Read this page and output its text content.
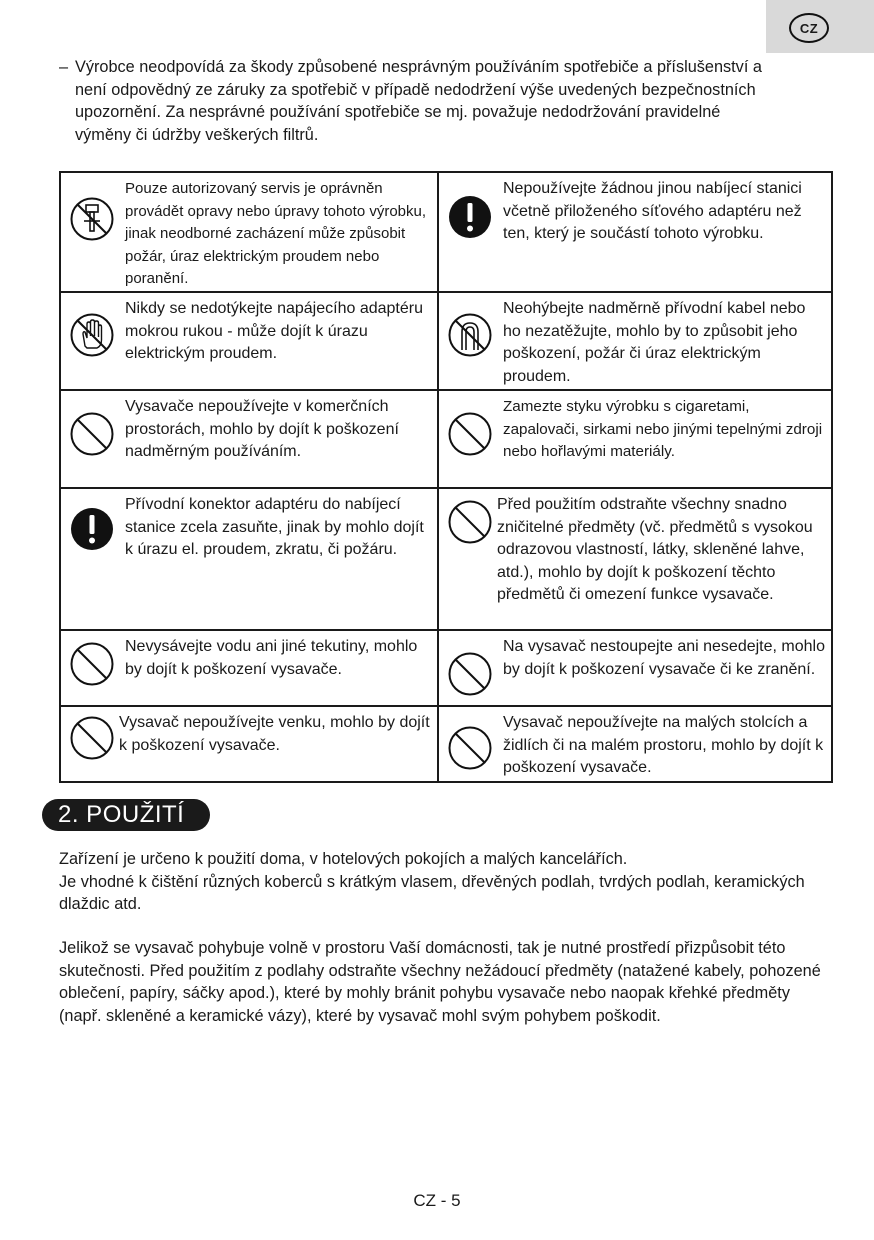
CZ
– Výrobce neodpovídá za škody způsobené nesprávným používáním spotřebiče a příslušenství a není odpovědný ze záruky za spotřebič v případě nedodržení výše uvedených bezpečnostních upozornění. Za nesprávné používání spotřebiče se mj. považuje nedodržování pravidelné výměny či údržby veškerých filtrů.
Pouze autorizovaný servis je oprávněn provádět opravy nebo úpravy tohoto výrobku, jinak neodborné zacházení může způsobit požár, úraz elektrickým proudem nebo poranění.	Nepoužívejte žádnou jinou nabíjecí stanici včetně přiloženého síťového adaptéru než ten, který je součástí tohoto výrobku.

Nikdy se nedotýkejte napájecího adaptéru mokrou rukou - může dojít k úrazu elektrickým proudem.	Neohýbejte nadměrně přívodní kabel nebo ho nezatěžujte, mohlo by to způsobit jeho poškození, požár či úraz elektrickým proudem.

Vysavače nepoužívejte v komerčních prostorách, mohlo by dojít k poškození nadměrným používáním.	Zamezte styku výrobku s cigaretami, zapalovači, sirkami nebo jinými tepelnými zdroji nebo hořlavými materiály.

Přívodní konektor adaptéru do nabíjecí stanice zcela zasuňte, jinak by mohlo dojít k úrazu el. proudem, zkratu, či požáru.	Před použitím odstraňte všechny snadno zničitelné předměty (vč. předmětů s vysokou odrazovou vlastností, látky, skleněné lahve, atd.), mohlo by dojít k poškození těchto předmětů či omezení funkce vysavače.

Nevysávejte vodu ani jiné tekutiny, mohlo by dojít k poškození vysavače.	Na vysavač nestoupejte ani nesedejte, mohlo by dojít k poškození vysavače či ke zranění.

Vysavač nepoužívejte venku, mohlo by dojít k poškození vysavače.	Vysavač nepoužívejte na malých stolcích a židlích či na malém prostoru, mohlo by dojít k poškození vysavače.
2. POUŽITÍ
Zařízení je určeno k použití doma, v hotelových pokojích a malých kancelářích.
Je vhodné k čištění různých koberců s krátkým vlasem, dřevěných podlah, tvrdých podlah, keramických dlaždic atd.
Jelikož se vysavač pohybuje volně v prostoru Vaší domácnosti, tak je nutné prostředí přizpůsobit této skutečnosti. Před použitím z podlahy odstraňte všechny nežádoucí předměty (natažené kabely, pohozené oblečení, papíry, sáčky apod.), které by mohly bránit pohybu vysavače nebo naopak křehké předměty (např. skleněné a keramické vázy), které by vysavač mohl svým pohybem poškodit.
CZ - 5
